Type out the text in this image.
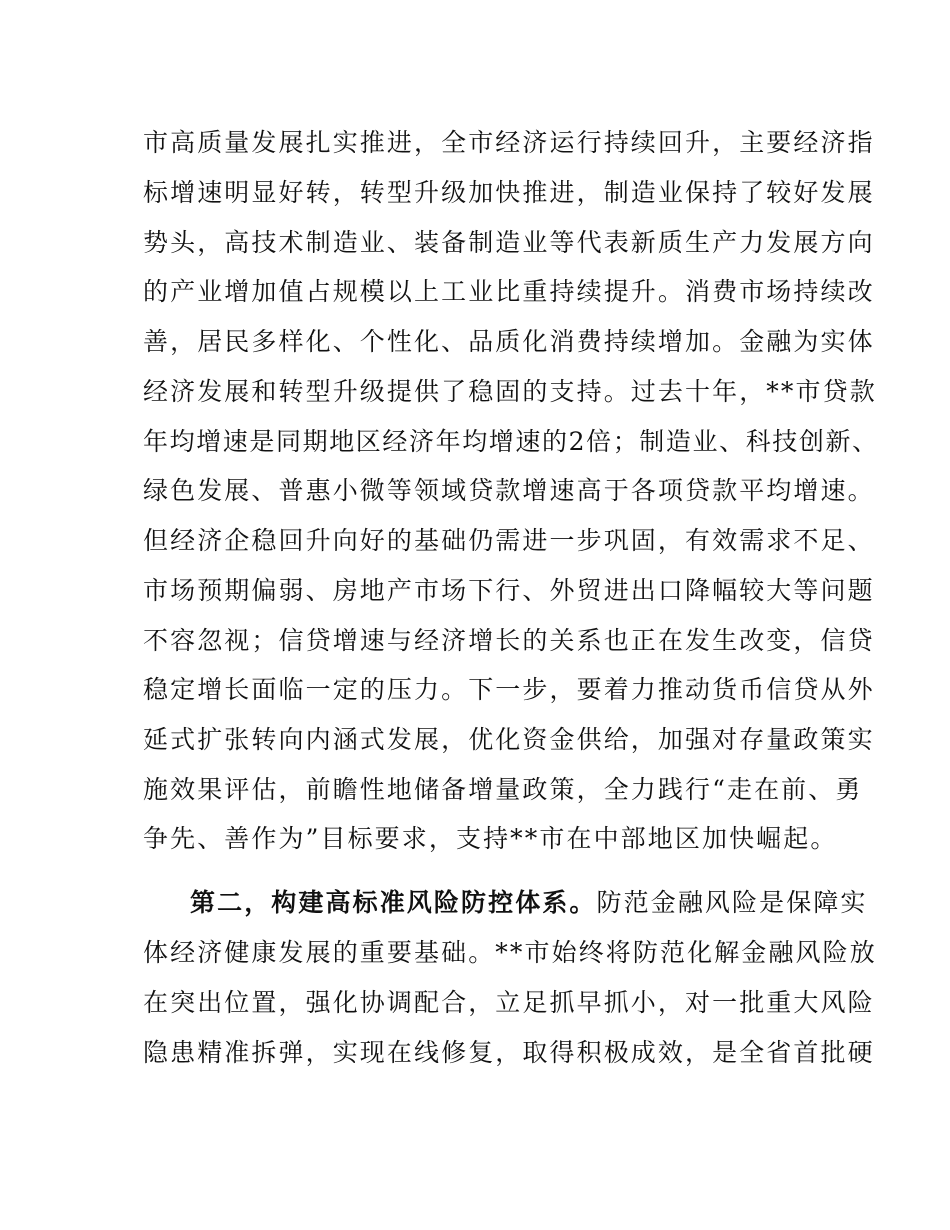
市高质量发展扎实推进，全市经济运行持续回升，主要经济指
标增速明显好转，转型升级加快推进，制造业保持了较好发展
势头，高技术制造业、装备制造业等代表新质生产力发展方向
的产业增加值占规模以上工业比重持续提升。消费市场持续改
善，居民多样化、个性化、品质化消费持续增加。金融为实体
经济发展和转型升级提供了稳固的支持。过去十年，**市贷款
年均增速是同期地区经济年均增速的2倍；制造业、科技创新、
绿色发展、普惠小微等领域贷款增速高于各项贷款平均增速。
但经济企稳回升向好的基础仍需进一步巩固，有效需求不足、
市场预期偏弱、房地产市场下行、外贸进出口降幅较大等问题
不容忽视；信贷增速与经济增长的关系也正在发生改变，信贷
稳定增长面临一定的压力。下一步，要着力推动货币信贷从外
延式扩张转向内涵式发展，优化资金供给，加强对存量政策实
施效果评估，前瞻性地储备增量政策，全力践行“走在前、勇
争先、善作为”目标要求，支持**市在中部地区加快崛起。
第二，构建高标准风险防控体系。防范金融风险是保障实
体经济健康发展的重要基础。**市始终将防范化解金融风险放
在突出位置，强化协调配合，立足抓早抓小，对一批重大风险
隐患精准拆弹，实现在线修复，取得积极成效，是全省首批硬
